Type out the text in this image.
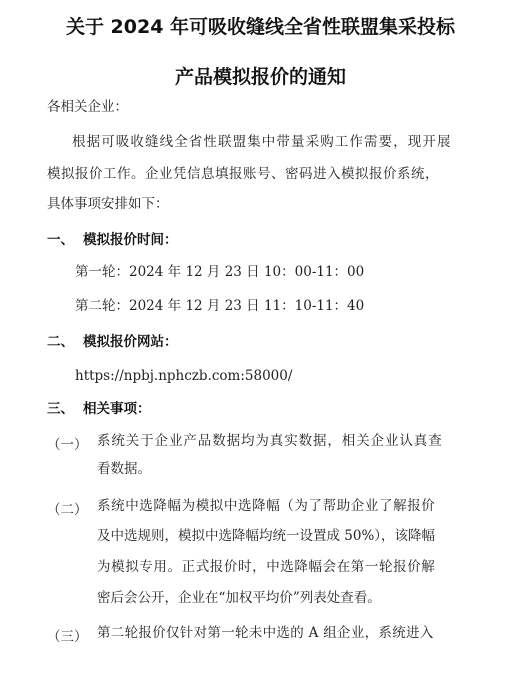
关于 2024 年可吸收缝线全省性联盟集采投标
产品模拟报价的通知
各相关企业：
根据可吸收缝线全省性联盟集中带量采购工作需要，现开展
模拟报价工作。企业凭信息填报账号、密码进入模拟报价系统，
具体事项安排如下：
一、 模拟报价时间：
第一轮：2024 年 12 月 23 日 10：00-11：00
第二轮：2024 年 12 月 23 日 11：10-11：40
二、 模拟报价网站：
https://npbj.nphczb.com:58000/
三、 相关事项：
（一） 系统关于企业产品数据均为真实数据，相关企业认真查
看数据。
（二） 系统中选降幅为模拟中选降幅（为了帮助企业了解报价
及中选规则，模拟中选降幅均统一设置成 50%），该降幅
为模拟专用。正式报价时，中选降幅会在第一轮报价解
密后会公开，企业在“加权平均价”列表处查看。
（三） 第二轮报价仅针对第一轮未中选的 A 组企业，系统进入
